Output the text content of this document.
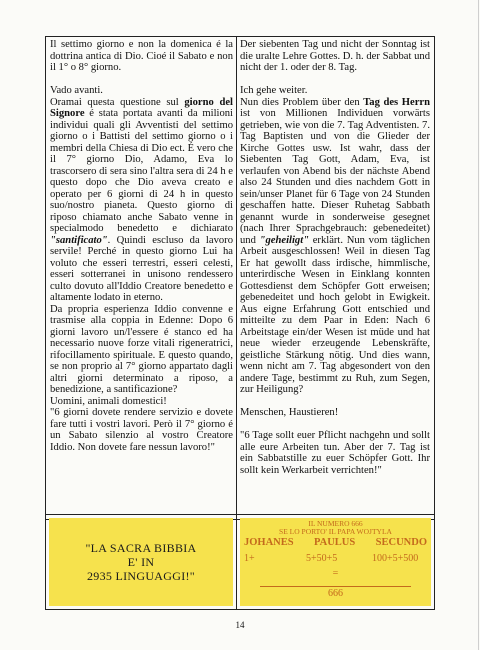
Il settimo giorno e non la domenica é la dottrina antica di Dio. Cioé il Sabato e non il 1° o 8° giorno.

Vado avanti.

Oramai questa questione sul giorno del Signore é stata portata avanti da milioni individui quali gli Avventisti del settimo giorno o i Battisti del settimo giorno o i membri della Chiesa di Dio ect. É vero che il 7° giorno Dio, Adamo, Eva lo trascorsero di sera sino l'altra sera di 24 h e questo dopo che Dio aveva creato e operato per 6 giorni di 24 h in questo suo/nostro pianeta. Questo giorno di riposo chiamato anche Sabato venne in specialmodo benedetto e dichiarato "santificato". Quindi escluso da lavoro servile! Perché in questo giorno Lui ha voluto che esseri terrestri, esseri celesti, esseri sotterranei in unisono rendessero culto dovuto all'Iddio Creatore benedetto e altamente lodato in eterno.

Da propria esperienza Iddio convenne e trasmise alla coppia in Edenne: Dopo 6 giorni lavoro un/l'essere é stanco ed ha necessario nuove forze vitali rigeneratrici, rifocillamento spirituale. E questo quando, se non proprio al 7° giorno appartato dagli altri giorni determinato a riposo, a benedizione, a santificazione?

Uomini, animali domestici!

"6 giorni dovete rendere servizio e dovete fare tutti i vostri lavori. Però il 7° giorno é un Sabato silenzio al vostro Creatore Iddio. Non dovete fare nessun lavoro!"

Der siebenten Tag und nicht der Sonntag ist die uralte Lehre Gottes. D. h. der Sabbat und nicht der 1. oder der 8. Tag.

Ich gehe weiter.

Nun dies Problem über den Tag des Herrn ist von Millionen Individuen vorwärts getrieben, wie von die 7. Tag Adventisten. 7. Tag Baptisten und von die Glieder der Kirche Gottes usw. Ist wahr, dass der Siebenten Tag Gott, Adam, Eva, ist verlaufen von Abend bis der nächste Abend also 24 Stunden und dies nachdem Gott in sein/unser Planet für 6 Tage von 24 Stunden geschaffen hatte. Dieser Ruhetag Sabbath genannt wurde in sonderweise gesegnet (nach Ihrer Sprachgebrauch: gebenedeitet) und "geheiligt" erklärt. Nun vom täglichen Arbeit ausgeschlossen! Weil in diesen Tag Er hat gewollt dass irdische, himmlische, unterirdische Wesen in Einklang konnten Gottesdienst dem Schöpfer Gott erweisen; gebenedeitet und hoch gelobt in Ewigkeit. Aus eigne Erfahrung Gott entschied und mitteilte zu dem Paar in Eden: Nach 6 Arbeitstage ein/der Wesen ist müde und hat neue wieder erzeugende Lebenskräfte, geistliche Stärkung nötig. Und dies wann, wenn nicht am 7. Tag abgesondert von den andere Tage, bestimmt zu Ruh, zum Segen, zur Heiligung?

Menschen, Haustieren!

"6 Tage sollt euer Pflicht nachgehn und sollt alle eure Arbeiten tun. Aber der 7. Tag ist ein Sabbatstille zu euer Schöpfer Gott. Ihr sollt kein Werkarbeit verrichten!"

"LA SACRA BIBBIA
E' IN
2935 LINGUAGGI!"
IL NUMERO 666
SE LO PORTO' IL PAPA WOJTYLA
JOHANES PAULUS SECUNDO
1+	5+50+5	100+5+500
=
666
14
